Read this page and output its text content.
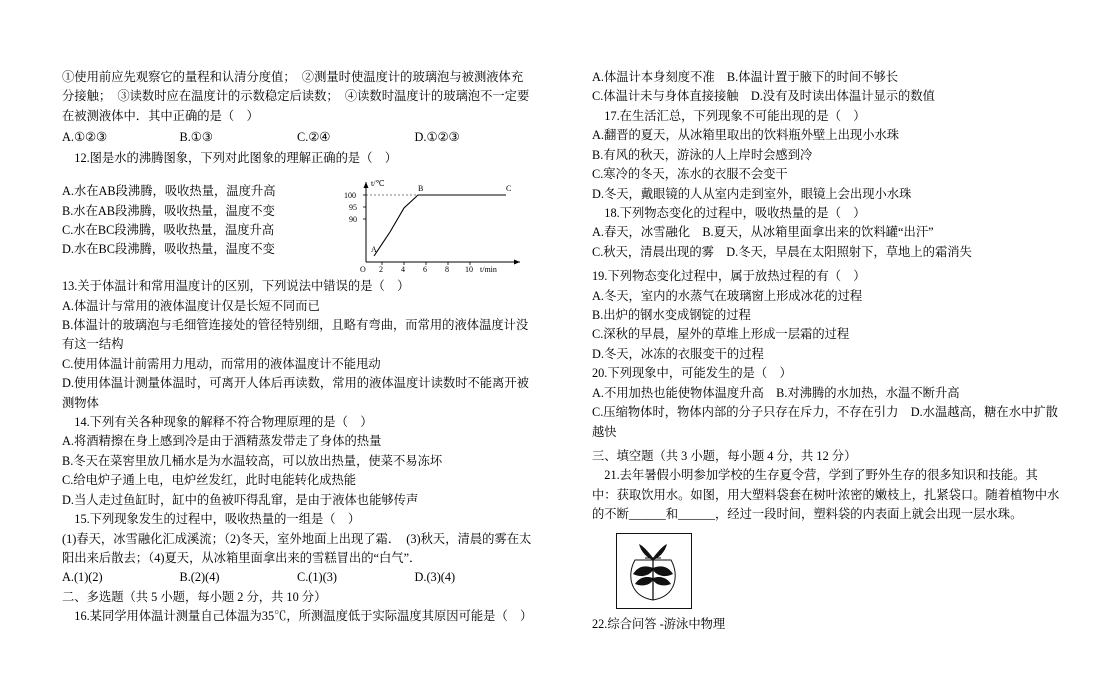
①使用前应先观察它的量程和认清分度值；　②测量时使温度计的玻璃泡与被测液体充分接触；　③读数时应在温度计的示数稳定后读数；　④读数时温度计的玻璃泡不一定要在被测液体中．其中正确的是（　）

A.①②③	B.①③	C.②④	D.①②③

12.图是水的沸腾图象，下列对此图象的理解正确的是（　）

A.水在AB段沸腾，吸收热量，温度升高

B.水在AB段沸腾，吸收热量，温度不变

C.水在BC段沸腾，吸收热量，温度升高

D.水在BC段沸腾，吸收热量，温度不变

100
95
90
A
B	C
O 2 4 6 8 10 t/min
t/℃

13.关于体温计和常用温度计的区别，下列说法中错误的是（　）

A.体温计与常用的液体温度计仅是长短不同而已

B.体温计的玻璃泡与毛细管连接处的管径特别细，且略有弯曲，而常用的液体温度计没有这一结构

C.使用体温计前需用力甩动，而常用的液体温度计不能甩动

D.使用体温计测量体温时，可离开人体后再读数，常用的液体温度计读数时不能离开被测物体

14.下列有关各种现象的解释不符合物理原理的是（　）

A.将酒精擦在身上感到冷是由于酒精蒸发带走了身体的热量

B.冬天在菜窖里放几桶水是为水温较高，可以放出热量，使菜不易冻坏

C.给电炉子通上电，电炉丝发红，此时电能转化成热能

D.当人走过鱼缸时，缸中的鱼被吓得乱窜，是由于液体也能够传声

15.下列现象发生的过程中，吸收热量的一组是（　）

(1)春天，冰雪融化汇成溪流；（2)冬天，室外地面上出现了霜．　(3)秋天，清晨的雾在太阳出来后散去；（4)夏天，从冰箱里面拿出来的雪糕冒出的“白气”．

A.(1)(2)	B.(2)(4)	C.(1)(3)	D.(3)(4)

二、多选题（共 5 小题，每小题 2 分，共 10 分）

16.某同学用体温计测量自己体温为35℃，所测温度低于实际温度其原因可能是（　）

A.体温计本身刻度不准　B.体温计置于腋下的时间不够长

C.体温计未与身体直接接触　D.没有及时读出体温计显示的数值

17.在生活汇总，下列现象不可能出现的是（　）

A.翻晋的夏天，从冰箱里取出的饮料瓶外壁上出现小水珠

B.有风的秋天，游泳的人上岸时会感到冷

C.寒冷的冬天，冻水的衣服不会变干

D.冬天，戴眼镜的人从室内走到室外，眼镜上会出现小水珠

18.下列物态变化的过程中，吸收热量的是（　）

A.春天，冰雪融化　B.夏天，从冰箱里面拿出来的饮料罐“出汗”

C.秋天，清晨出现的雾　D.冬天，早晨在太阳照射下，草地上的霜消失

19.下列物态变化过程中，属于放热过程的有（　）

A.冬天，室内的水蒸气在玻璃窗上形成冰花的过程

B.出炉的钢水变成钢锭的过程

C.深秋的早晨，屋外的草堆上形成一层霜的过程

D.冬天，冰冻的衣服变干的过程

20.下列现象中，可能发生的是（　）

A.不用加热也能使物体温度升高　B.对沸腾的水加热，水温不断升高

C.压缩物体时，物体内部的分子只存在斥力，不存在引力　D.水温越高，糖在水中扩散越快

三、填空题（共 3 小题，每小题 4 分，共 12 分）

21.去年暑假小明参加学校的生存夏令营，学到了野外生存的很多知识和技能。其中：获取饮用水。如图，用大塑料袋套在树叶浓密的嫩枝上，扎紧袋口。随着植物中水的不断______和______，经过一段时间，塑料袋的内表面上就会出现一层水珠。

22.综合问答 -游泳中物理
